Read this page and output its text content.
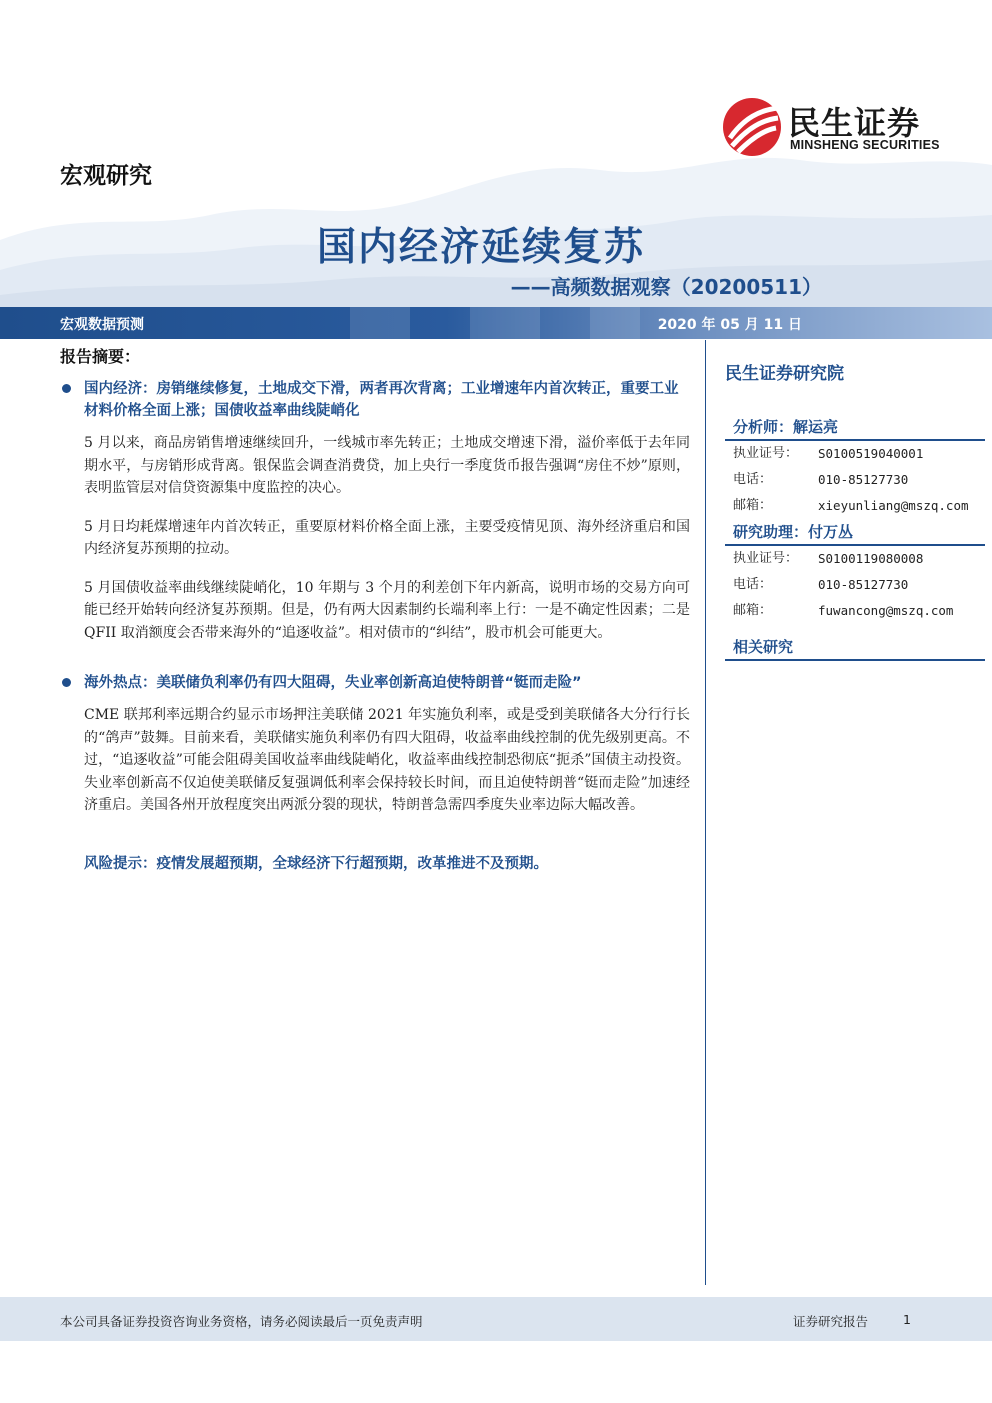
民生证券
MINSHENG SECURITIES
宏观研究
国内经济延续复苏
——高频数据观察（20200511）
宏观数据预测	2020 年 05 月 11 日
报告摘要：
国内经济：房销继续修复，土地成交下滑，两者再次背离；工业增速年内首次转正，重要工业材料价格全面上涨；国债收益率曲线陡峭化
5 月以来，商品房销售增速继续回升，一线城市率先转正；土地成交增速下滑，溢价率低于去年同期水平，与房销形成背离。银保监会调查消费贷，加上央行一季度货币报告强调“房住不炒”原则，表明监管层对信贷资源集中度监控的决心。
5 月日均耗煤增速年内首次转正，重要原材料价格全面上涨，主要受疫情见顶、海外经济重启和国内经济复苏预期的拉动。
5 月国债收益率曲线继续陡峭化，10 年期与 3 个月的利差创下年内新高，说明市场的交易方向可能已经开始转向经济复苏预期。但是，仍有两大因素制约长端利率上行：一是不确定性因素；二是 QFII 取消额度会否带来海外的“追逐收益”。相对债市的“纠结”，股市机会可能更大。
海外热点：美联储负利率仍有四大阻碍，失业率创新高迫使特朗普“铤而走险”
CME 联邦利率远期合约显示市场押注美联储 2021 年实施负利率，或是受到美联储各大分行行长的“鸽声”鼓舞。目前来看，美联储实施负利率仍有四大阻碍，收益率曲线控制的优先级别更高。不过，“追逐收益”可能会阻碍美国收益率曲线陡峭化，收益率曲线控制恐彻底“扼杀”国债主动投资。失业率创新高不仅迫使美联储反复强调低利率会保持较长时间，而且迫使特朗普“铤而走险”加速经济重启。美国各州开放程度突出两派分裂的现状，特朗普急需四季度失业率边际大幅改善。
风险提示：疫情发展超预期，全球经济下行超预期，改革推进不及预期。
民生证券研究院
分析师：解运亮
执业证号：	S0100519040001
电话：	010-85127730
邮箱：	xieyunliang@mszq.com
研究助理：付万丛
执业证号：	S0100119080008
电话：	010-85127730
邮箱：	fuwancong@mszq.com
相关研究
本公司具备证券投资咨询业务资格，请务必阅读最后一页免责声明	证券研究报告	1
